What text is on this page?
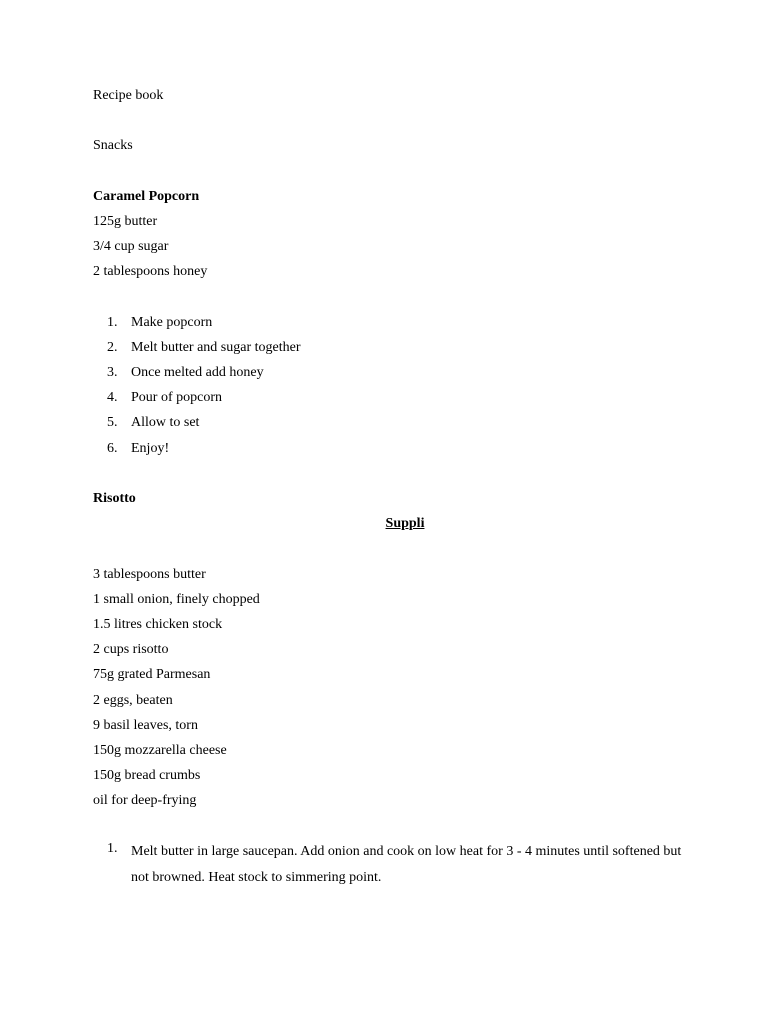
Recipe book
Snacks
Caramel Popcorn
125g butter
3/4 cup sugar
2 tablespoons honey
1. Make popcorn
2. Melt butter and sugar together
3. Once melted add honey
4. Pour of popcorn
5. Allow to set
6. Enjoy!
Risotto
Suppli
3 tablespoons butter
1 small onion, finely chopped
1.5 litres chicken stock
2 cups risotto
75g grated Parmesan
2 eggs, beaten
9 basil leaves, torn
150g mozzarella cheese
150g bread crumbs
oil for deep-frying
1. Melt butter in large saucepan. Add onion and cook on low heat for 3 - 4 minutes until softened but not browned. Heat stock to simmering point.
